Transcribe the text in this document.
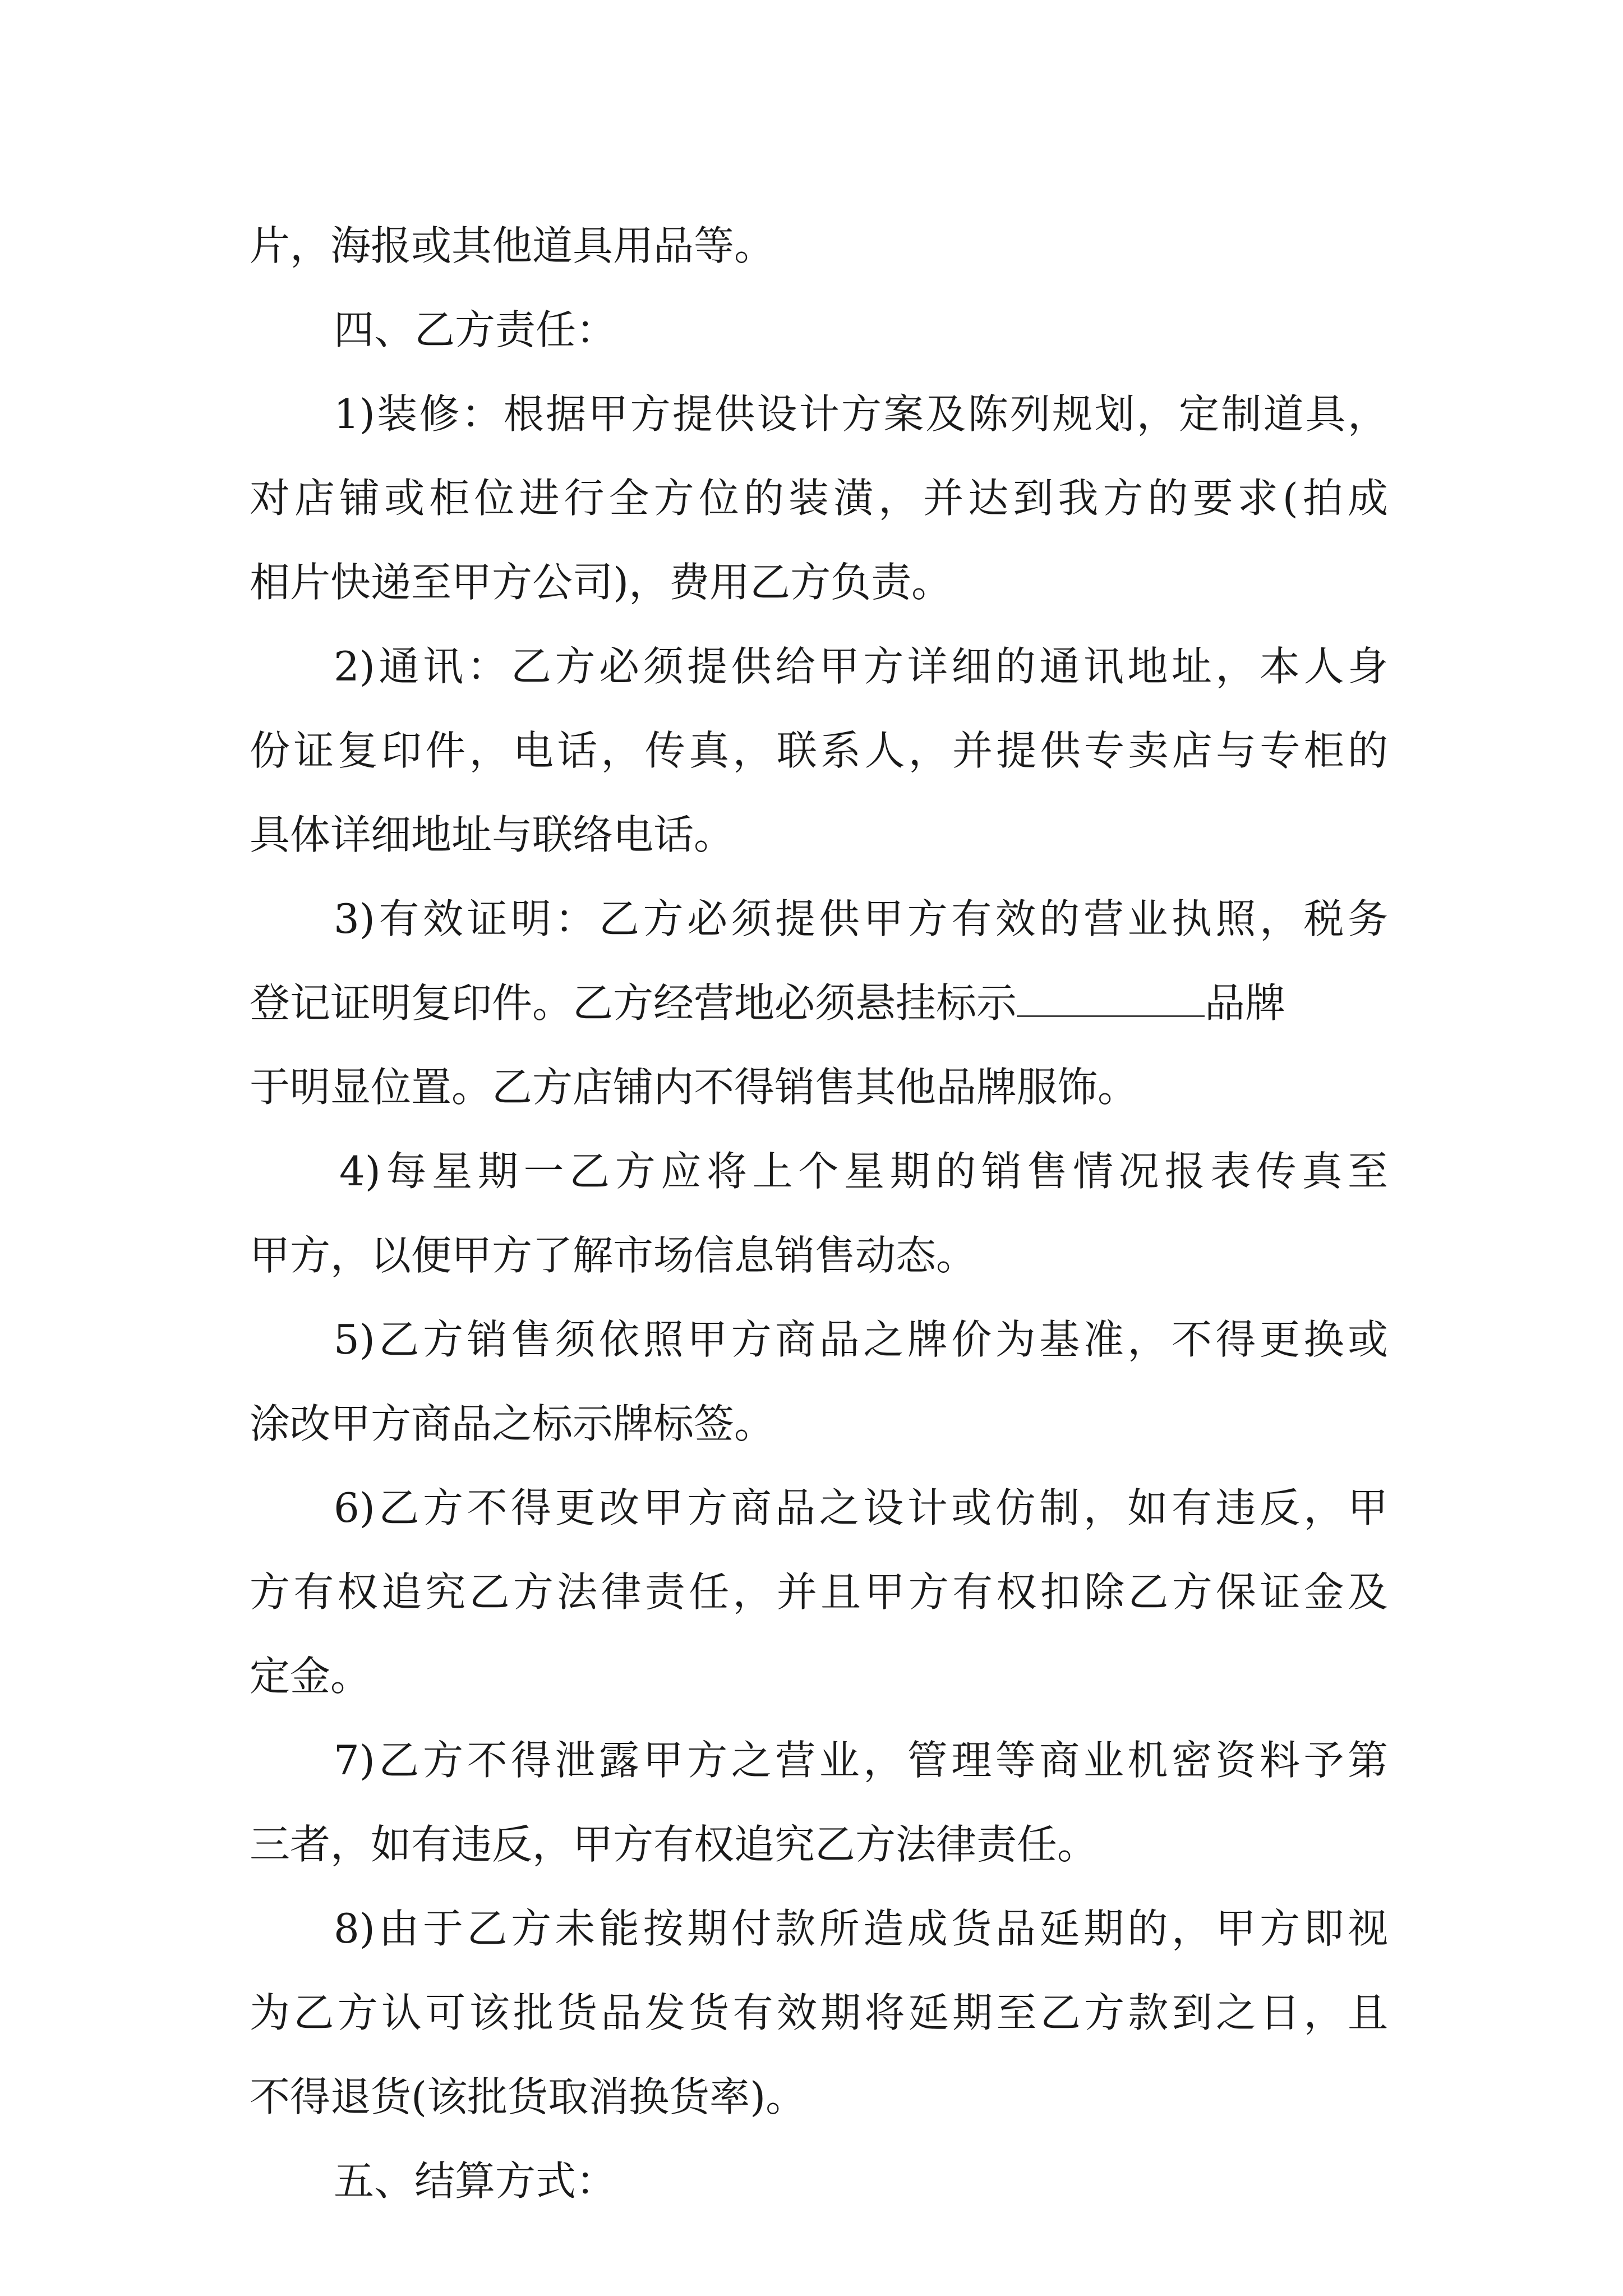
片，海报或其他道具用品等。
四、乙方责任：
1)装修：根据甲方提供设计方案及陈列规划，定制道具，
对店铺或柜位进行全方位的装潢，并达到我方的要求(拍成
相片快递至甲方公司)，费用乙方负责。
2)通讯：乙方必须提供给甲方详细的通讯地址，本人身
份证复印件，电话，传真，联系人，并提供专卖店与专柜的
具体详细地址与联络电话。
3)有效证明：乙方必须提供甲方有效的营业执照，税务
登记证明复印件。乙方经营地必须悬挂标示	品牌
于明显位置。乙方店铺内不得销售其他品牌服饰。
4)每星期一乙方应将上个星期的销售情况报表传真至
甲方，以便甲方了解市场信息销售动态。
5)乙方销售须依照甲方商品之牌价为基准，不得更换或
涂改甲方商品之标示牌标签。
6)乙方不得更改甲方商品之设计或仿制，如有违反，甲
方有权追究乙方法律责任，并且甲方有权扣除乙方保证金及
定金。
7)乙方不得泄露甲方之营业，管理等商业机密资料予第
三者，如有违反，甲方有权追究乙方法律责任。
8)由于乙方未能按期付款所造成货品延期的，甲方即视
为乙方认可该批货品发货有效期将延期至乙方款到之日，且
不得退货(该批货取消换货率)。
五、结算方式：
